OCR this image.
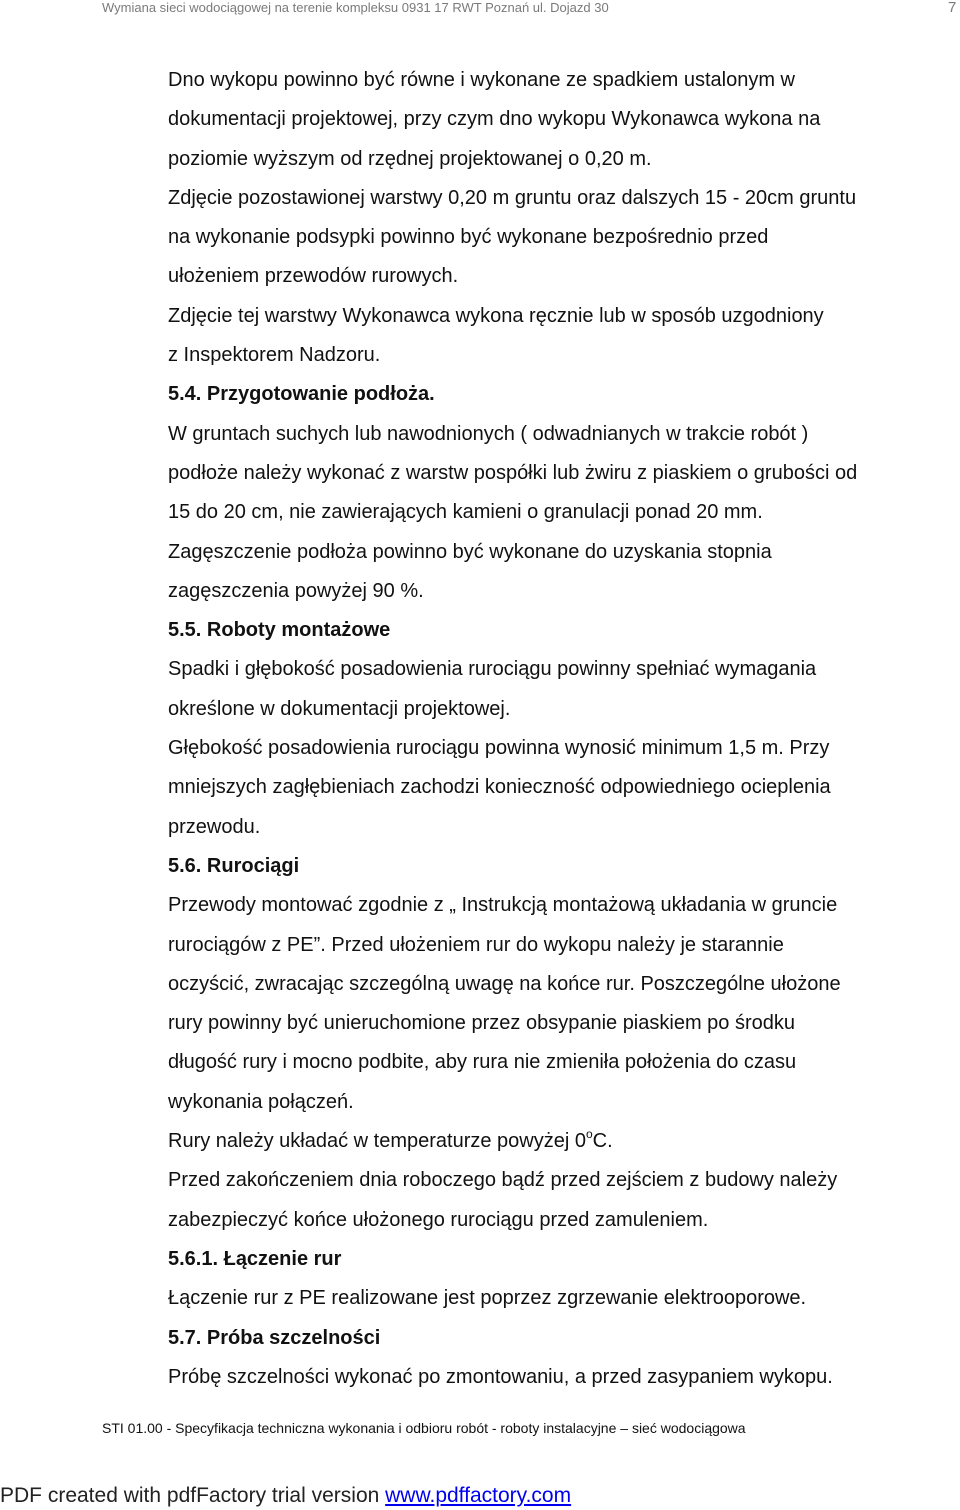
Wymiana sieci wodociągowej na terenie kompleksu 0931 17 RWT Poznań ul. Dojazd 30	7

Dno wykopu powinno być równe i wykonane ze spadkiem ustalonym w

dokumentacji projektowej, przy czym dno wykopu Wykonawca wykona na

poziomie wyższym od rzędnej projektowanej o 0,20 m.

Zdjęcie pozostawionej warstwy 0,20 m gruntu oraz dalszych 15 - 20cm gruntu

na wykonanie podsypki powinno być wykonane bezpośrednio przed

ułożeniem przewodów rurowych.

Zdjęcie tej warstwy Wykonawca wykona ręcznie lub w sposób uzgodniony

z Inspektorem Nadzoru.

5.4. Przygotowanie podłoża.

W gruntach suchych lub nawodnionych ( odwadnianych w trakcie robót )

podłoże należy wykonać z warstw pospółki lub żwiru z piaskiem o grubości od

15 do 20 cm, nie zawierających kamieni o granulacji ponad 20 mm.

Zagęszczenie podłoża powinno być wykonane do uzyskania stopnia

zagęszczenia powyżej 90 %.

5.5. Roboty montażowe

Spadki i głębokość posadowienia rurociągu powinny spełniać wymagania

określone w dokumentacji projektowej.

Głębokość posadowienia rurociągu powinna wynosić minimum 1,5 m. Przy

mniejszych zagłębieniach zachodzi konieczność odpowiedniego ocieplenia

przewodu.

5.6. Rurociągi

Przewody montować zgodnie z „ Instrukcją montażową układania w gruncie

rurociągów z PE”. Przed ułożeniem rur do wykopu należy je starannie

oczyścić, zwracając szczególną uwagę na końce rur. Poszczególne ułożone

rury powinny być unieruchomione przez obsypanie piaskiem po środku

długość rury i mocno podbite, aby rura nie zmieniła położenia do czasu

wykonania połączeń.

Rury należy układać w temperaturze powyżej 0$^o$C.

Przed zakończeniem dnia roboczego bądź przed zejściem z budowy należy

zabezpieczyć końce ułożonego rurociągu przed zamuleniem.

5.6.1. Łączenie rur

Łączenie rur z PE realizowane jest poprzez zgrzewanie elektrooporowe.

5.7. Próba szczelności

Próbę szczelności wykonać po zmontowaniu, a przed zasypaniem wykopu.

STI 01.00 - Specyfikacja techniczna wykonania i odbioru robót - roboty instalacyjne – sieć wodociągowa
PDF created with pdfFactory trial version www.pdffactory.com
